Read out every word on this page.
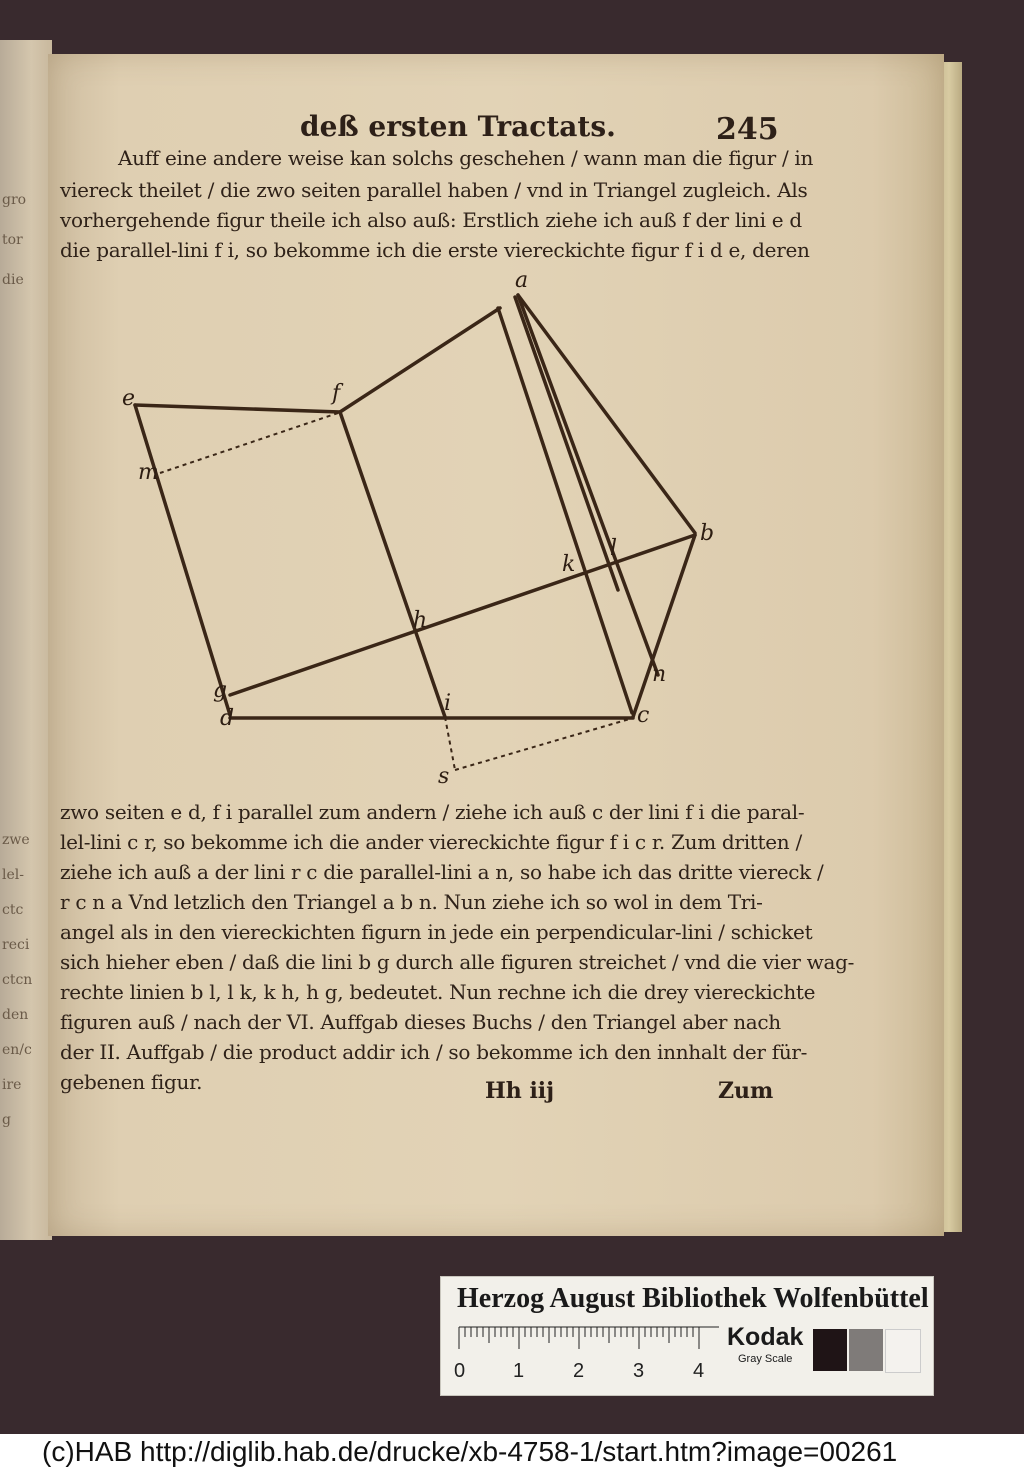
gro
tor
die
zwe
lel-
ctc
reci
ctcn
den
en/c
ire
g
deß ersten Tractats.	245
Auff eine andere weise kan solchs geschehen / wann man die figur / in
viereck theilet / die zwo seiten parallel haben / vnd in Triangel zugleich. Als
vorhergehende figur theile ich also auß: Erstlich ziehe ich auß f der lini e d
die parallel-lini f i, so bekomme ich die erste viereckichte figur f i d e, deren
a
b
c
d
e	f
g
h
i
k
l
m
n
s
zwo seiten e d, f i parallel zum andern / ziehe ich auß c der lini f i die paral-
lel-lini c r, so bekomme ich die ander viereckichte figur f i c r. Zum dritten /
ziehe ich auß a der lini r c die parallel-lini a n, so habe ich das dritte viereck /
r c n a Vnd letzlich den Triangel a b n. Nun ziehe ich so wol in dem Tri-
angel als in den viereckichten figurn in jede ein perpendicular-lini / schicket
sich hieher eben / daß die lini b g durch alle figuren streichet / vnd die vier wag-
rechte linien b l, l k, k h, h g, bedeutet. Nun rechne ich die drey viereckichte
figuren auß / nach der VI. Auffgab dieses Buchs / den Triangel aber nach
der II. Auffgab / die product addir ich / so bekomme ich den innhalt der für-
gebenen figur.	Hh iij	Zum
Herzog August Bibliothek Wolfenbüttel
0 1 2 3 4
Kodak
Gray Scale
(c)HAB http://diglib.hab.de/drucke/xb-4758-1/start.htm?image=00261
